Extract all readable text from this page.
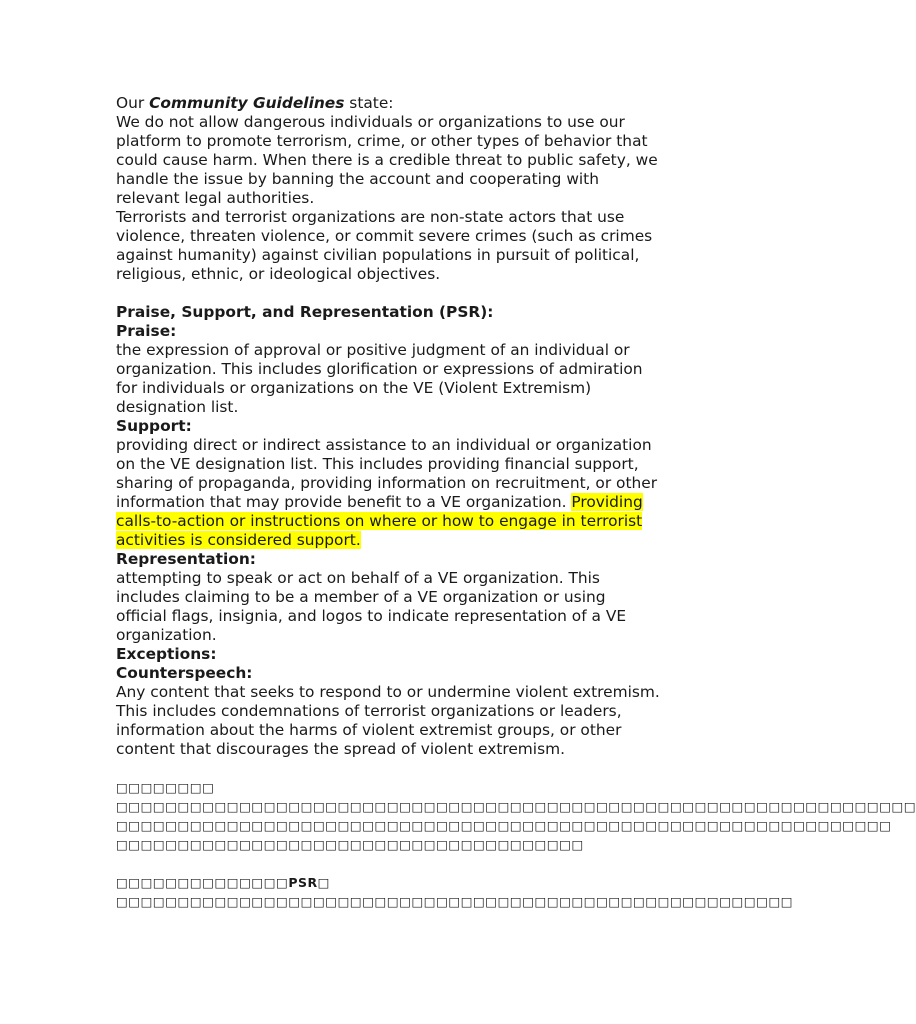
Our Community Guidelines state:

We do not allow dangerous individuals or organizations to use our platform to promote terrorism, crime, or other types of behavior that could cause harm. When there is a credible threat to public safety, we handle the issue by banning the account and cooperating with relevant legal authorities.

Terrorists and terrorist organizations are non-state actors that use violence, threaten violence, or commit severe crimes (such as crimes against humanity) against civilian populations in pursuit of political, religious, ethnic, or ideological objectives.

Praise, Support, and Representation (PSR):

Praise:

the expression of approval or positive judgment of an individual or organization. This includes glorification or expressions of admiration for individuals or organizations on the VE (Violent Extremism) designation list.

Support:

providing direct or indirect assistance to an individual or organization on the VE designation list. This includes providing financial support, sharing of propaganda, providing information on recruitment, or other information that may provide benefit to a VE organization. Providing calls-to-action or instructions on where or how to engage in terrorist activities is considered support.

Representation:

attempting to speak or act on behalf of a VE organization. This includes claiming to be a member of a VE organization or using official flags, insignia, and logos to indicate representation of a VE organization.

Exceptions:

Counterspeech:

Any content that seeks to respond to or undermine violent extremism. This includes condemnations of terrorist organizations or leaders, information about the harms of violent extremist groups, or other content that discourages the spread of violent extremism.

□□□□□□□□

□□□□□□□□□□□□□□□□□□□□□□□□□□□□□□□□□□□□□□□□□□□□□□□□□□□□□□□□□□□□□□□□□

□□□□□□□□□□□□□□□□□□□□□□□□□□□□□□□□□□□□□□□□□□□□□□□□□□□□□□□□□□□□□□□

□□□□□□□□□□□□□□□□□□□□□□□□□□□□□□□□□□□□□□

□□□□□□□□□□□□□□PSR□

□□□□□□□□□□□□□□□□□□□□□□□□□□□□□□□□□□□□□□□□□□□□□□□□□□□□□□□
